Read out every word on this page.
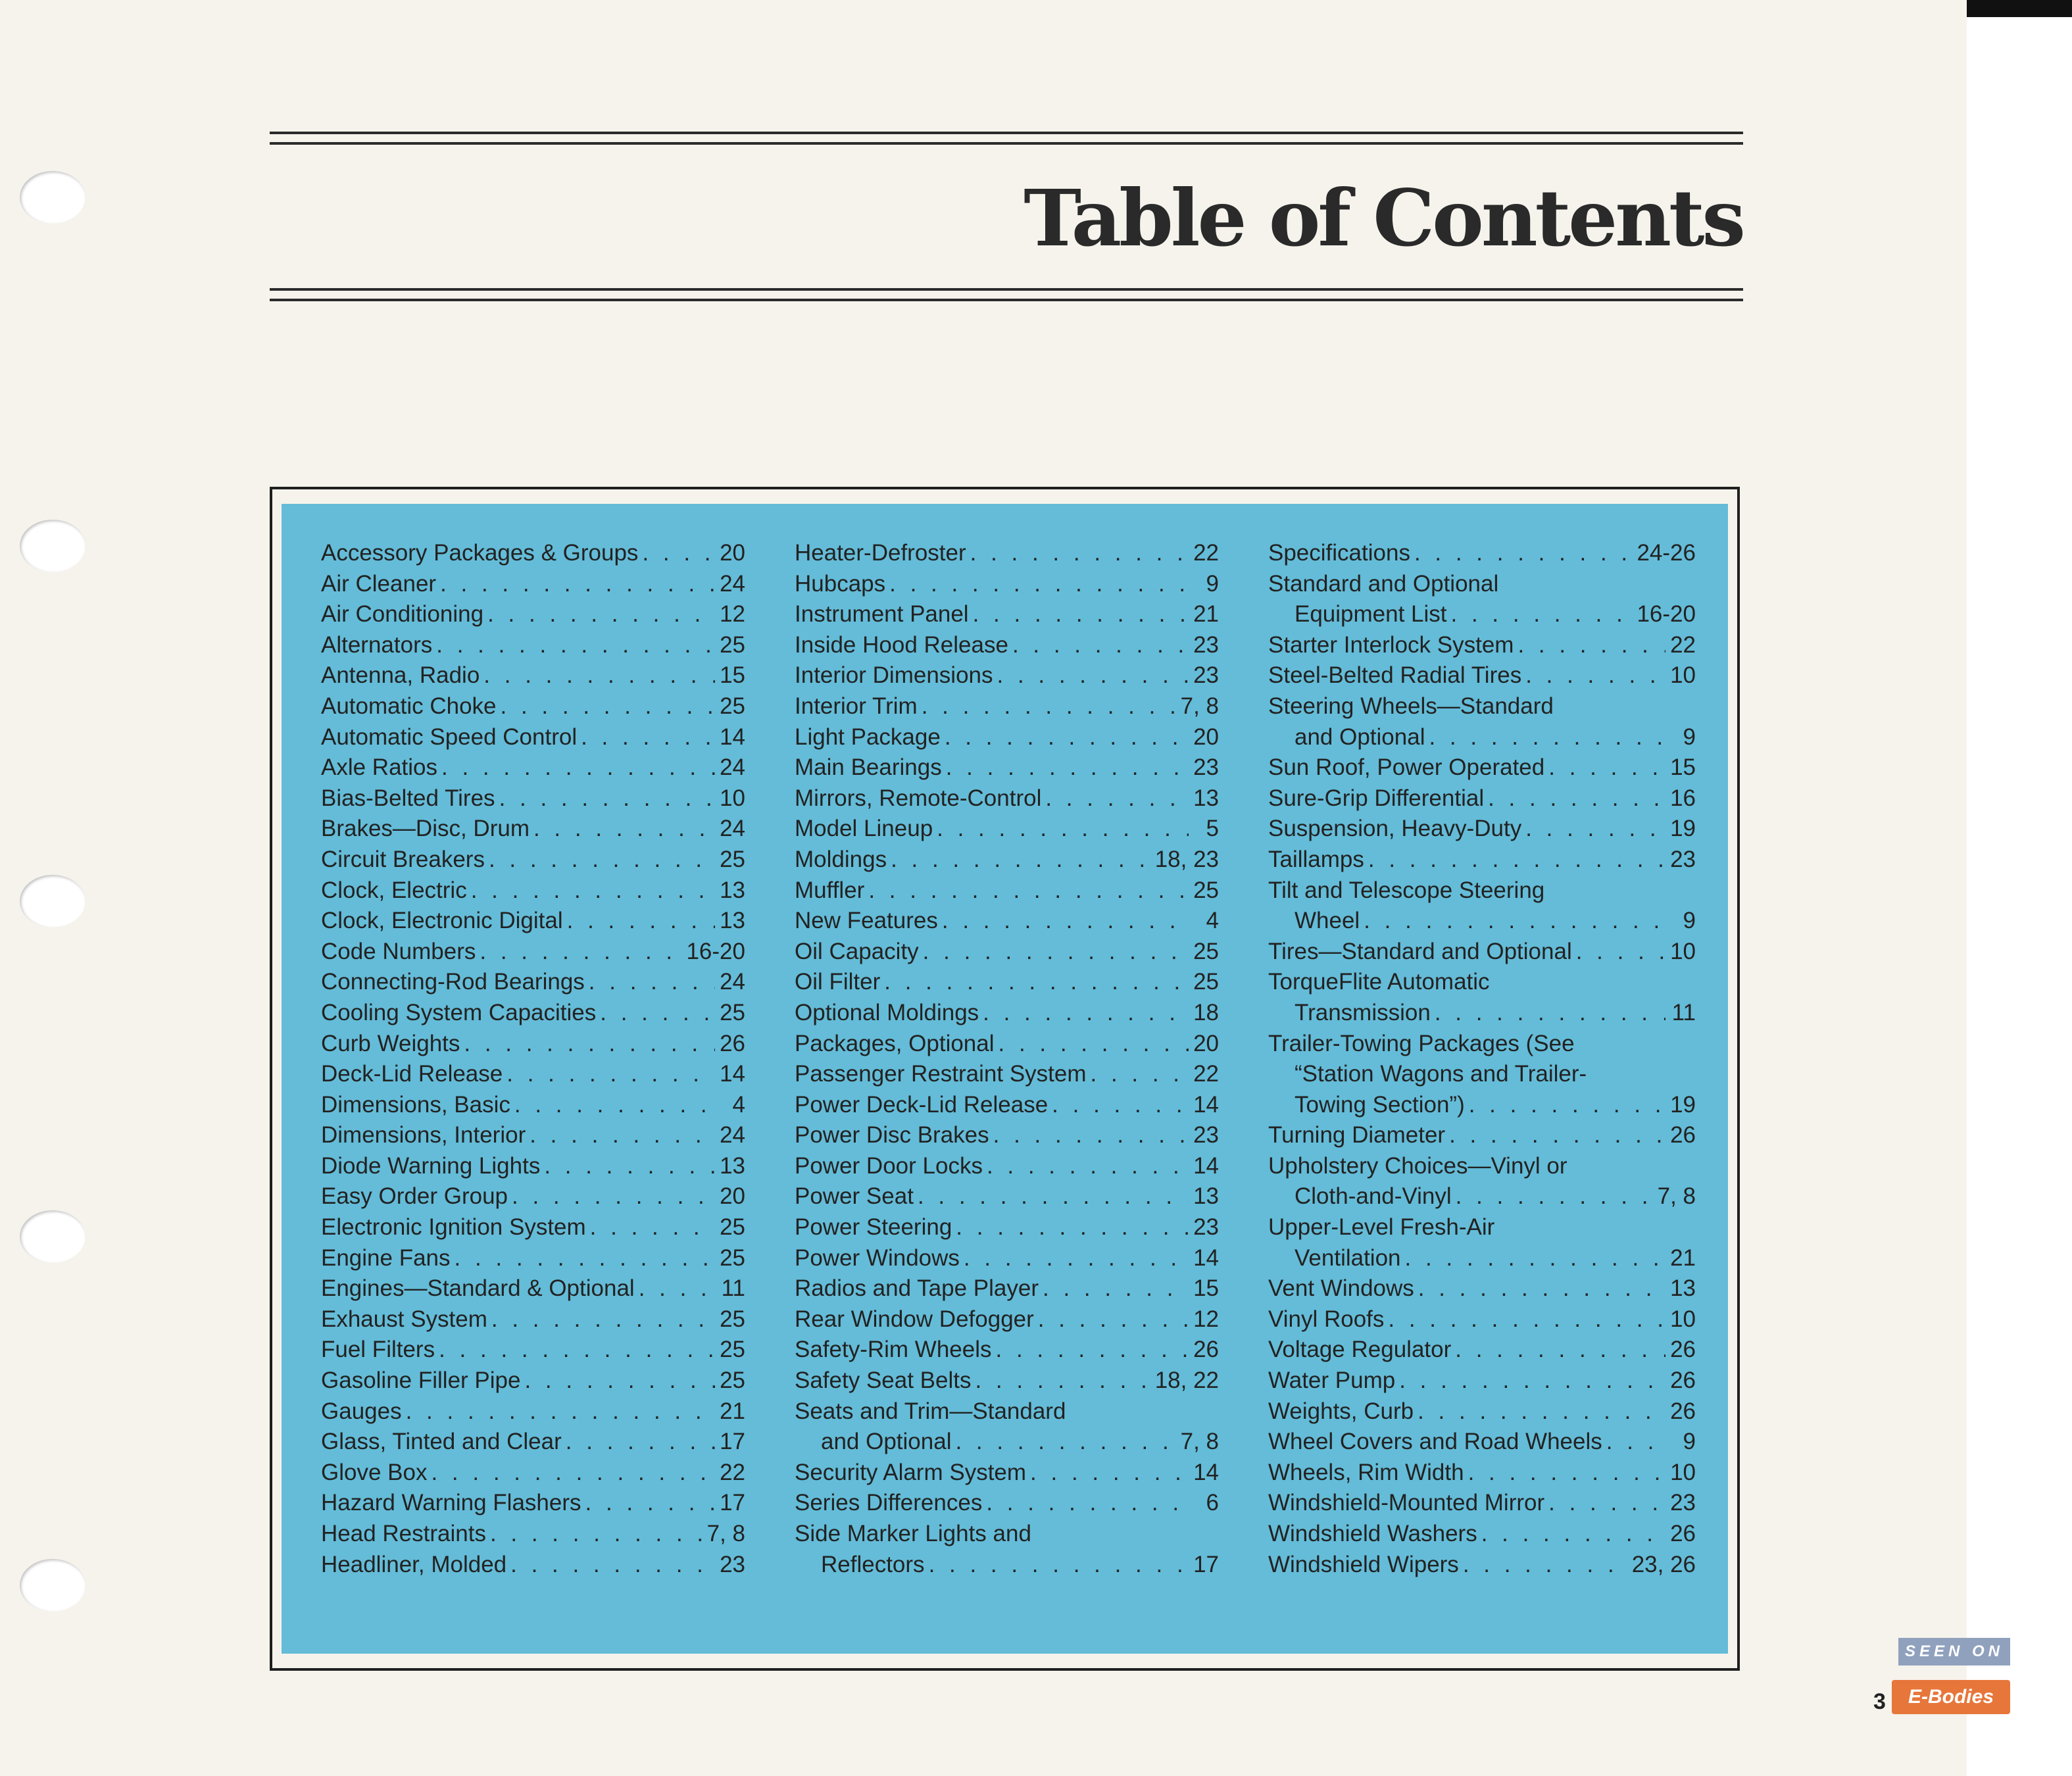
Table of Contents
Accessory Packages & Groups . . .	20
Air Cleaner . . .	24
Air Conditioning . . .	12
Alternators . . .	25
Antenna, Radio . . .	15
Automatic Choke . . .	25
Automatic Speed Control . . .	14
Axle Ratios . . .	24
Bias-Belted Tires . . .	10
Brakes—Disc, Drum . . .	24
Circuit Breakers . . .	25
Clock, Electric . . .	13
Clock, Electronic Digital . . .	13
Code Numbers . . .	16-20
Connecting-Rod Bearings . . .	24
Cooling System Capacities . . .	25
Curb Weights . . .	26
Deck-Lid Release . . .	14
Dimensions, Basic . . .	4
Dimensions, Interior . . .	24
Diode Warning Lights . . .	13
Easy Order Group . . .	20
Electronic Ignition System . . .	25
Engine Fans . . .	25
Engines—Standard & Optional . . .	11
Exhaust System . . .	25
Fuel Filters . . .	25
Gasoline Filler Pipe . . .	25
Gauges . . .	21
Glass, Tinted and Clear . . .	17
Glove Box . . .	22
Hazard Warning Flashers . . .	17
Head Restraints . . .	7, 8
Headliner, Molded . . .	23
Heater-Defroster . . .	22
Hubcaps . . .	9
Instrument Panel . . .	21
Inside Hood Release . . .	23
Interior Dimensions . . .	23
Interior Trim . . .	7, 8
Light Package . . .	20
Main Bearings . . .	23
Mirrors, Remote-Control . . .	13
Model Lineup . . .	5
Moldings . . .	18, 23
Muffler . . .	25
New Features . . .	4
Oil Capacity . . .	25
Oil Filter . . .	25
Optional Moldings . . .	18
Packages, Optional . . .	20
Passenger Restraint System . . .	22
Power Deck-Lid Release . . .	14
Power Disc Brakes . . .	23
Power Door Locks . . .	14
Power Seat . . .	13
Power Steering . . .	23
Power Windows . . .	14
Radios and Tape Player . . .	15
Rear Window Defogger . . .	12
Safety-Rim Wheels . . .	26
Safety Seat Belts . . .	18, 22
Seats and Trim—Standard
and Optional . . .	7, 8
Security Alarm System . . .	14
Series Differences . . .	6
Side Marker Lights and
Reflectors . . .	17
Specifications . . .	24-26
Standard and Optional
Equipment List . . .	16-20
Starter Interlock System . . .	22
Steel-Belted Radial Tires . . .	10
Steering Wheels—Standard
and Optional . . .	9
Sun Roof, Power Operated . . .	15
Sure-Grip Differential . . .	16
Suspension, Heavy-Duty . . .	19
Taillamps . . .	23
Tilt and Telescope Steering
Wheel . . .	9
Tires—Standard and Optional . . .	10
TorqueFlite Automatic
Transmission . . .	11
Trailer-Towing Packages (See
“Station Wagons and Trailer-
Towing Section”) . . .	19
Turning Diameter . . .	26
Upholstery Choices—Vinyl or
Cloth-and-Vinyl . . .	7, 8
Upper-Level Fresh-Air
Ventilation . . .	21
Vent Windows . . .	13
Vinyl Roofs . . .	10
Voltage Regulator . . .	26
Water Pump . . .	26
Weights, Curb . . .	26
Wheel Covers and Road Wheels . . .	9
Wheels, Rim Width . . .	10
Windshield-Mounted Mirror . . .	23
Windshield Washers . . .	26
Windshield Wipers . . .	23, 26
3
SEEN ON
E-Bodies
